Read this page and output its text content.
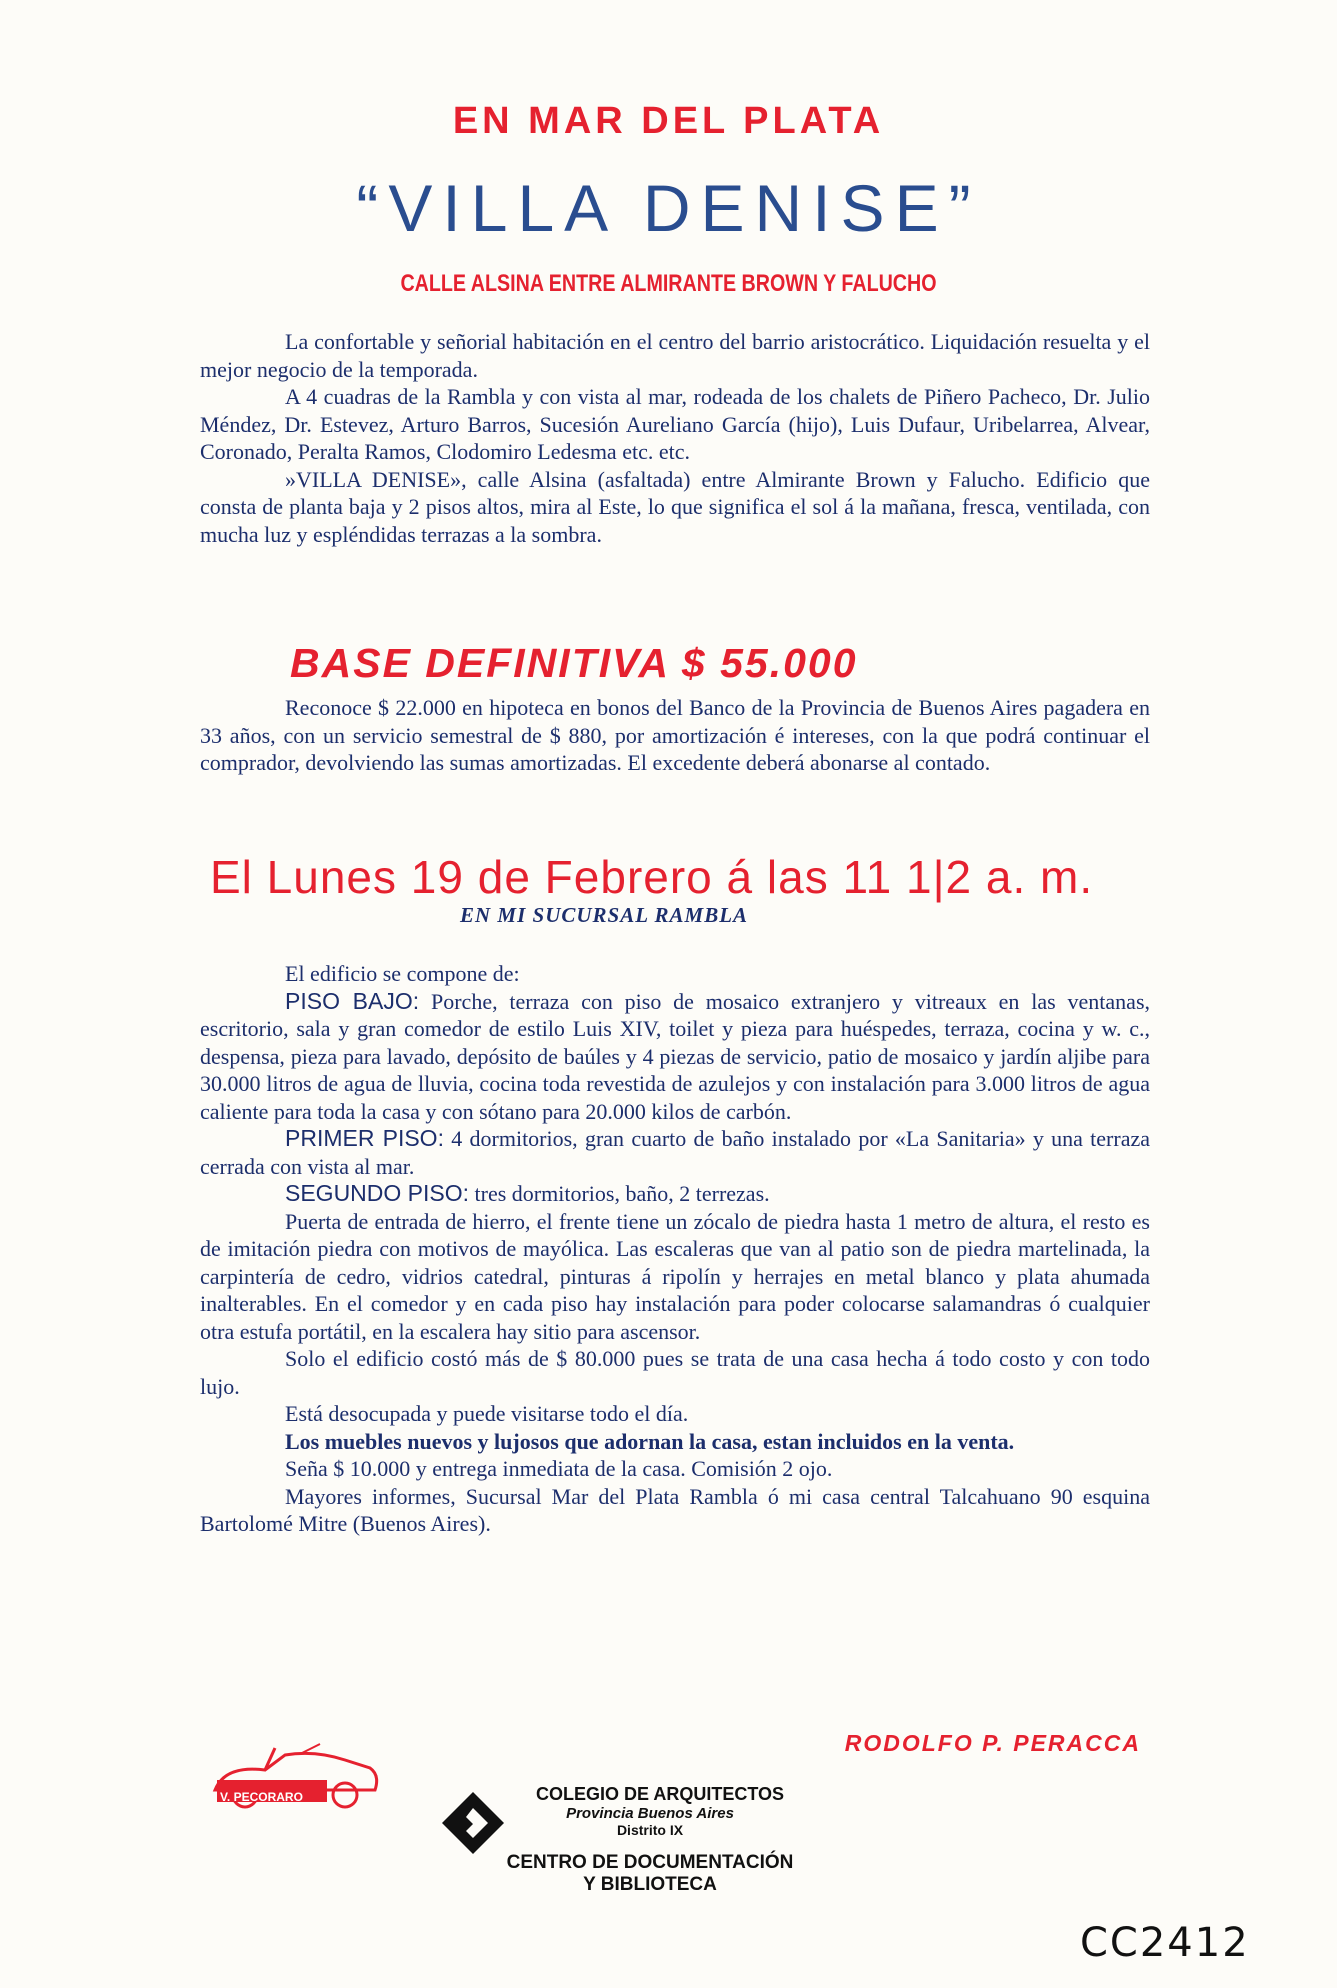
EN MAR DEL PLATA
“VILLA DENISE”
CALLE ALSINA ENTRE ALMIRANTE BROWN Y FALUCHO

La confortable y señorial habitación en el centro del barrio aristocrático. Liquidación resuelta y el mejor negocio de la temporada.

A 4 cuadras de la Rambla y con vista al mar, rodeada de los chalets de Piñero Pacheco, Dr. Julio Méndez, Dr. Estevez, Arturo Barros, Sucesión Aureliano García (hijo), Luis Dufaur, Uribelarrea, Alvear, Coronado, Peralta Ramos, Clodomiro Ledesma etc. etc.

»VILLA DENISE», calle Alsina (asfaltada) entre Almirante Brown y Falucho. Edificio que consta de planta baja y 2 pisos altos, mira al Este, lo que significa el sol á la mañana, fresca, ventilada, con mucha luz y espléndidas terrazas a la sombra.

BASE DEFINITIVA $ 55.000

Reconoce $ 22.000 en hipoteca en bonos del Banco de la Provincia de Buenos Aires pagadera en 33 años, con un servicio semestral de $ 880, por amortización é intereses, con la que podrá continuar el comprador, devolviendo las sumas amortizadas. El excedente deberá abonarse al contado.

El Lunes 19 de Febrero á las 11 1|2 a. m.
EN MI SUCURSAL RAMBLA

El edificio se compone de:

PISO BAJO: Porche, terraza con piso de mosaico extranjero y vitreaux en las ventanas, escritorio, sala y gran comedor de estilo Luis XIV, toilet y pieza para huéspedes, terraza, cocina y w. c., despensa, pieza para lavado, depósito de baúles y 4 piezas de servicio, patio de mosaico y jardín aljibe para 30.000 litros de agua de lluvia, cocina toda revestida de azulejos y con instalación para 3.000 litros de agua caliente para toda la casa y con sótano para 20.000 kilos de carbón.

PRIMER PISO: 4 dormitorios, gran cuarto de baño instalado por «La Sanitaria» y una terraza cerrada con vista al mar.

SEGUNDO PISO: tres dormitorios, baño, 2 terrezas.

Puerta de entrada de hierro, el frente tiene un zócalo de piedra hasta 1 metro de altura, el resto es de imitación piedra con motivos de mayólica. Las escaleras que van al patio son de piedra martelinada, la carpintería de cedro, vidrios catedral, pinturas á ripolín y herrajes en metal blanco y plata ahumada inalterables. En el comedor y en cada piso hay instalación para poder colocarse salamandras ó cualquier otra estufa portátil, en la escalera hay sitio para ascensor.

Solo el edificio costó más de $ 80.000 pues se trata de una casa hecha á todo costo y con todo lujo.

Está desocupada y puede visitarse todo el día.

Los muebles nuevos y lujosos que adornan la casa, estan incluidos en la venta.

Seña $ 10.000 y entrega inmediata de la casa. Comisión 2 ojo.

Mayores informes, Sucursal Mar del Plata Rambla ó mi casa central Talcahuano 90 esquina Bartolomé Mitre (Buenos Aires).

RODOLFO P. PERACCA
V. PECORARO	COLEGIO DE ARQUITECTOS
Provincia Buenos Aires
Distrito IX
CENTRO DE DOCUMENTACIÓN
Y BIBLIOTECA
CC2412
